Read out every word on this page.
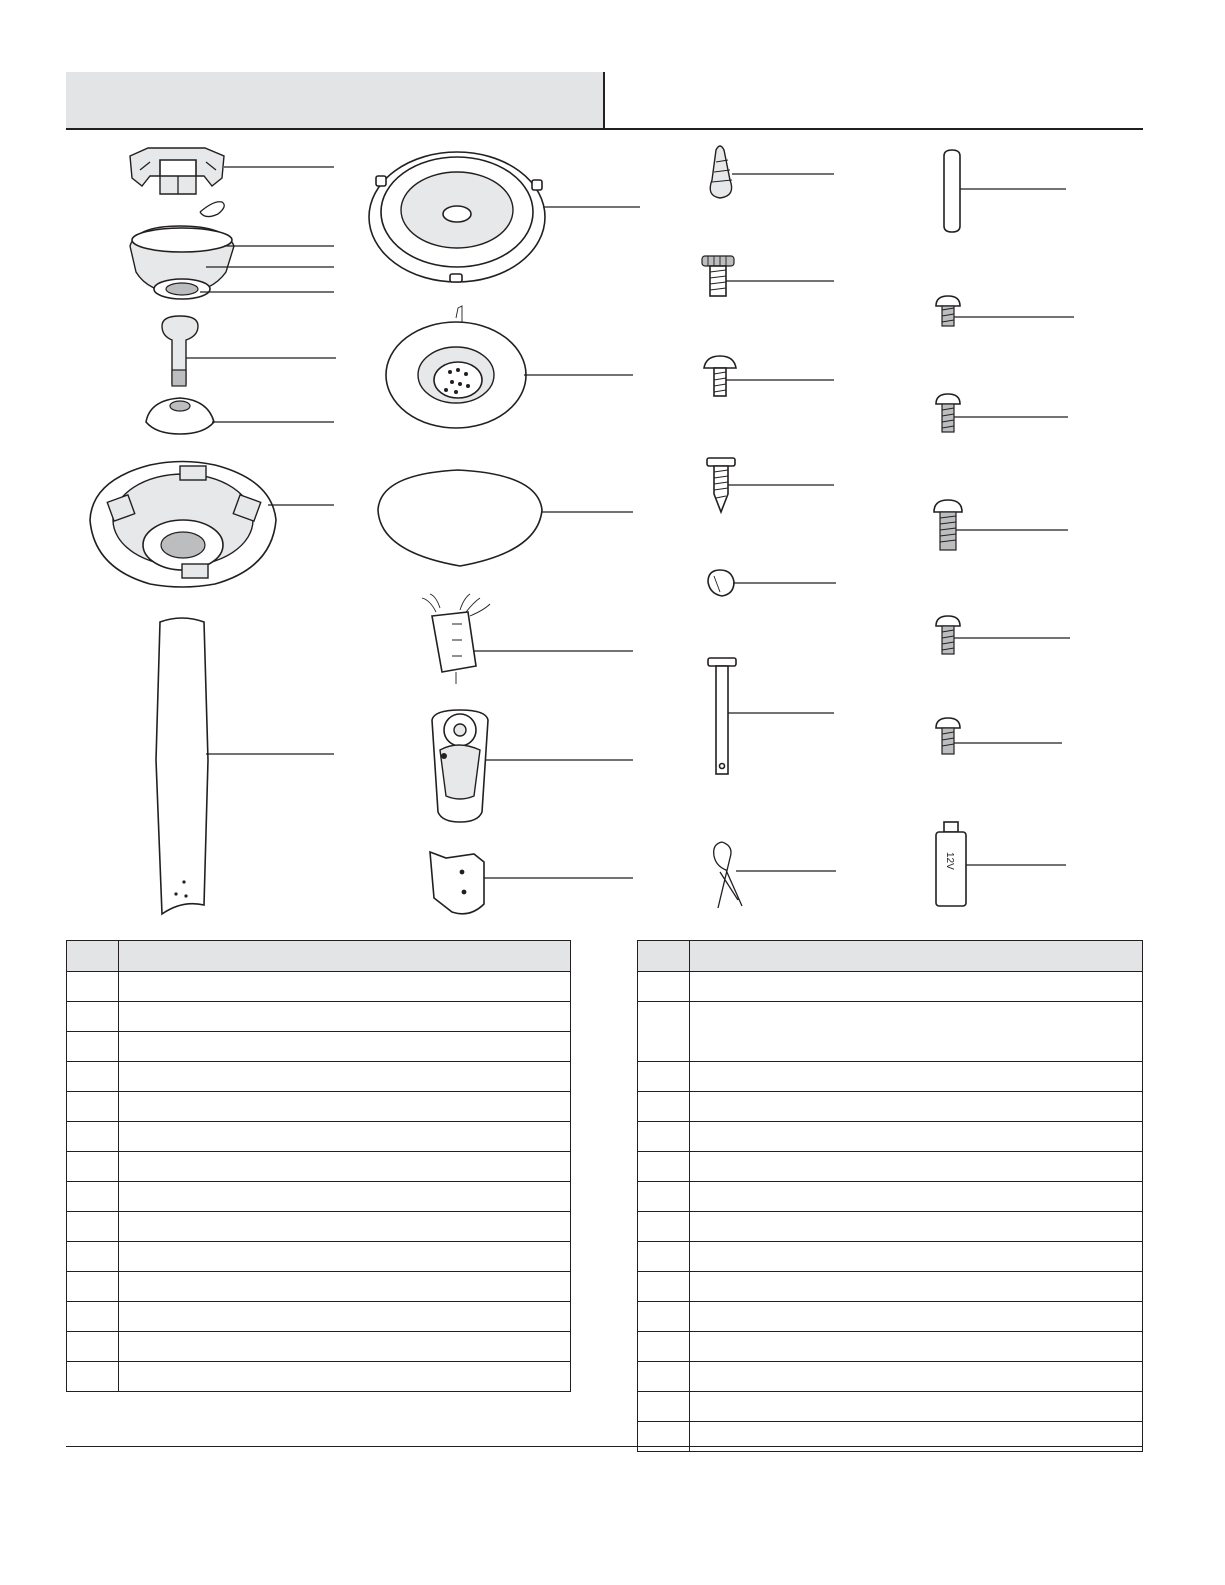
12V
